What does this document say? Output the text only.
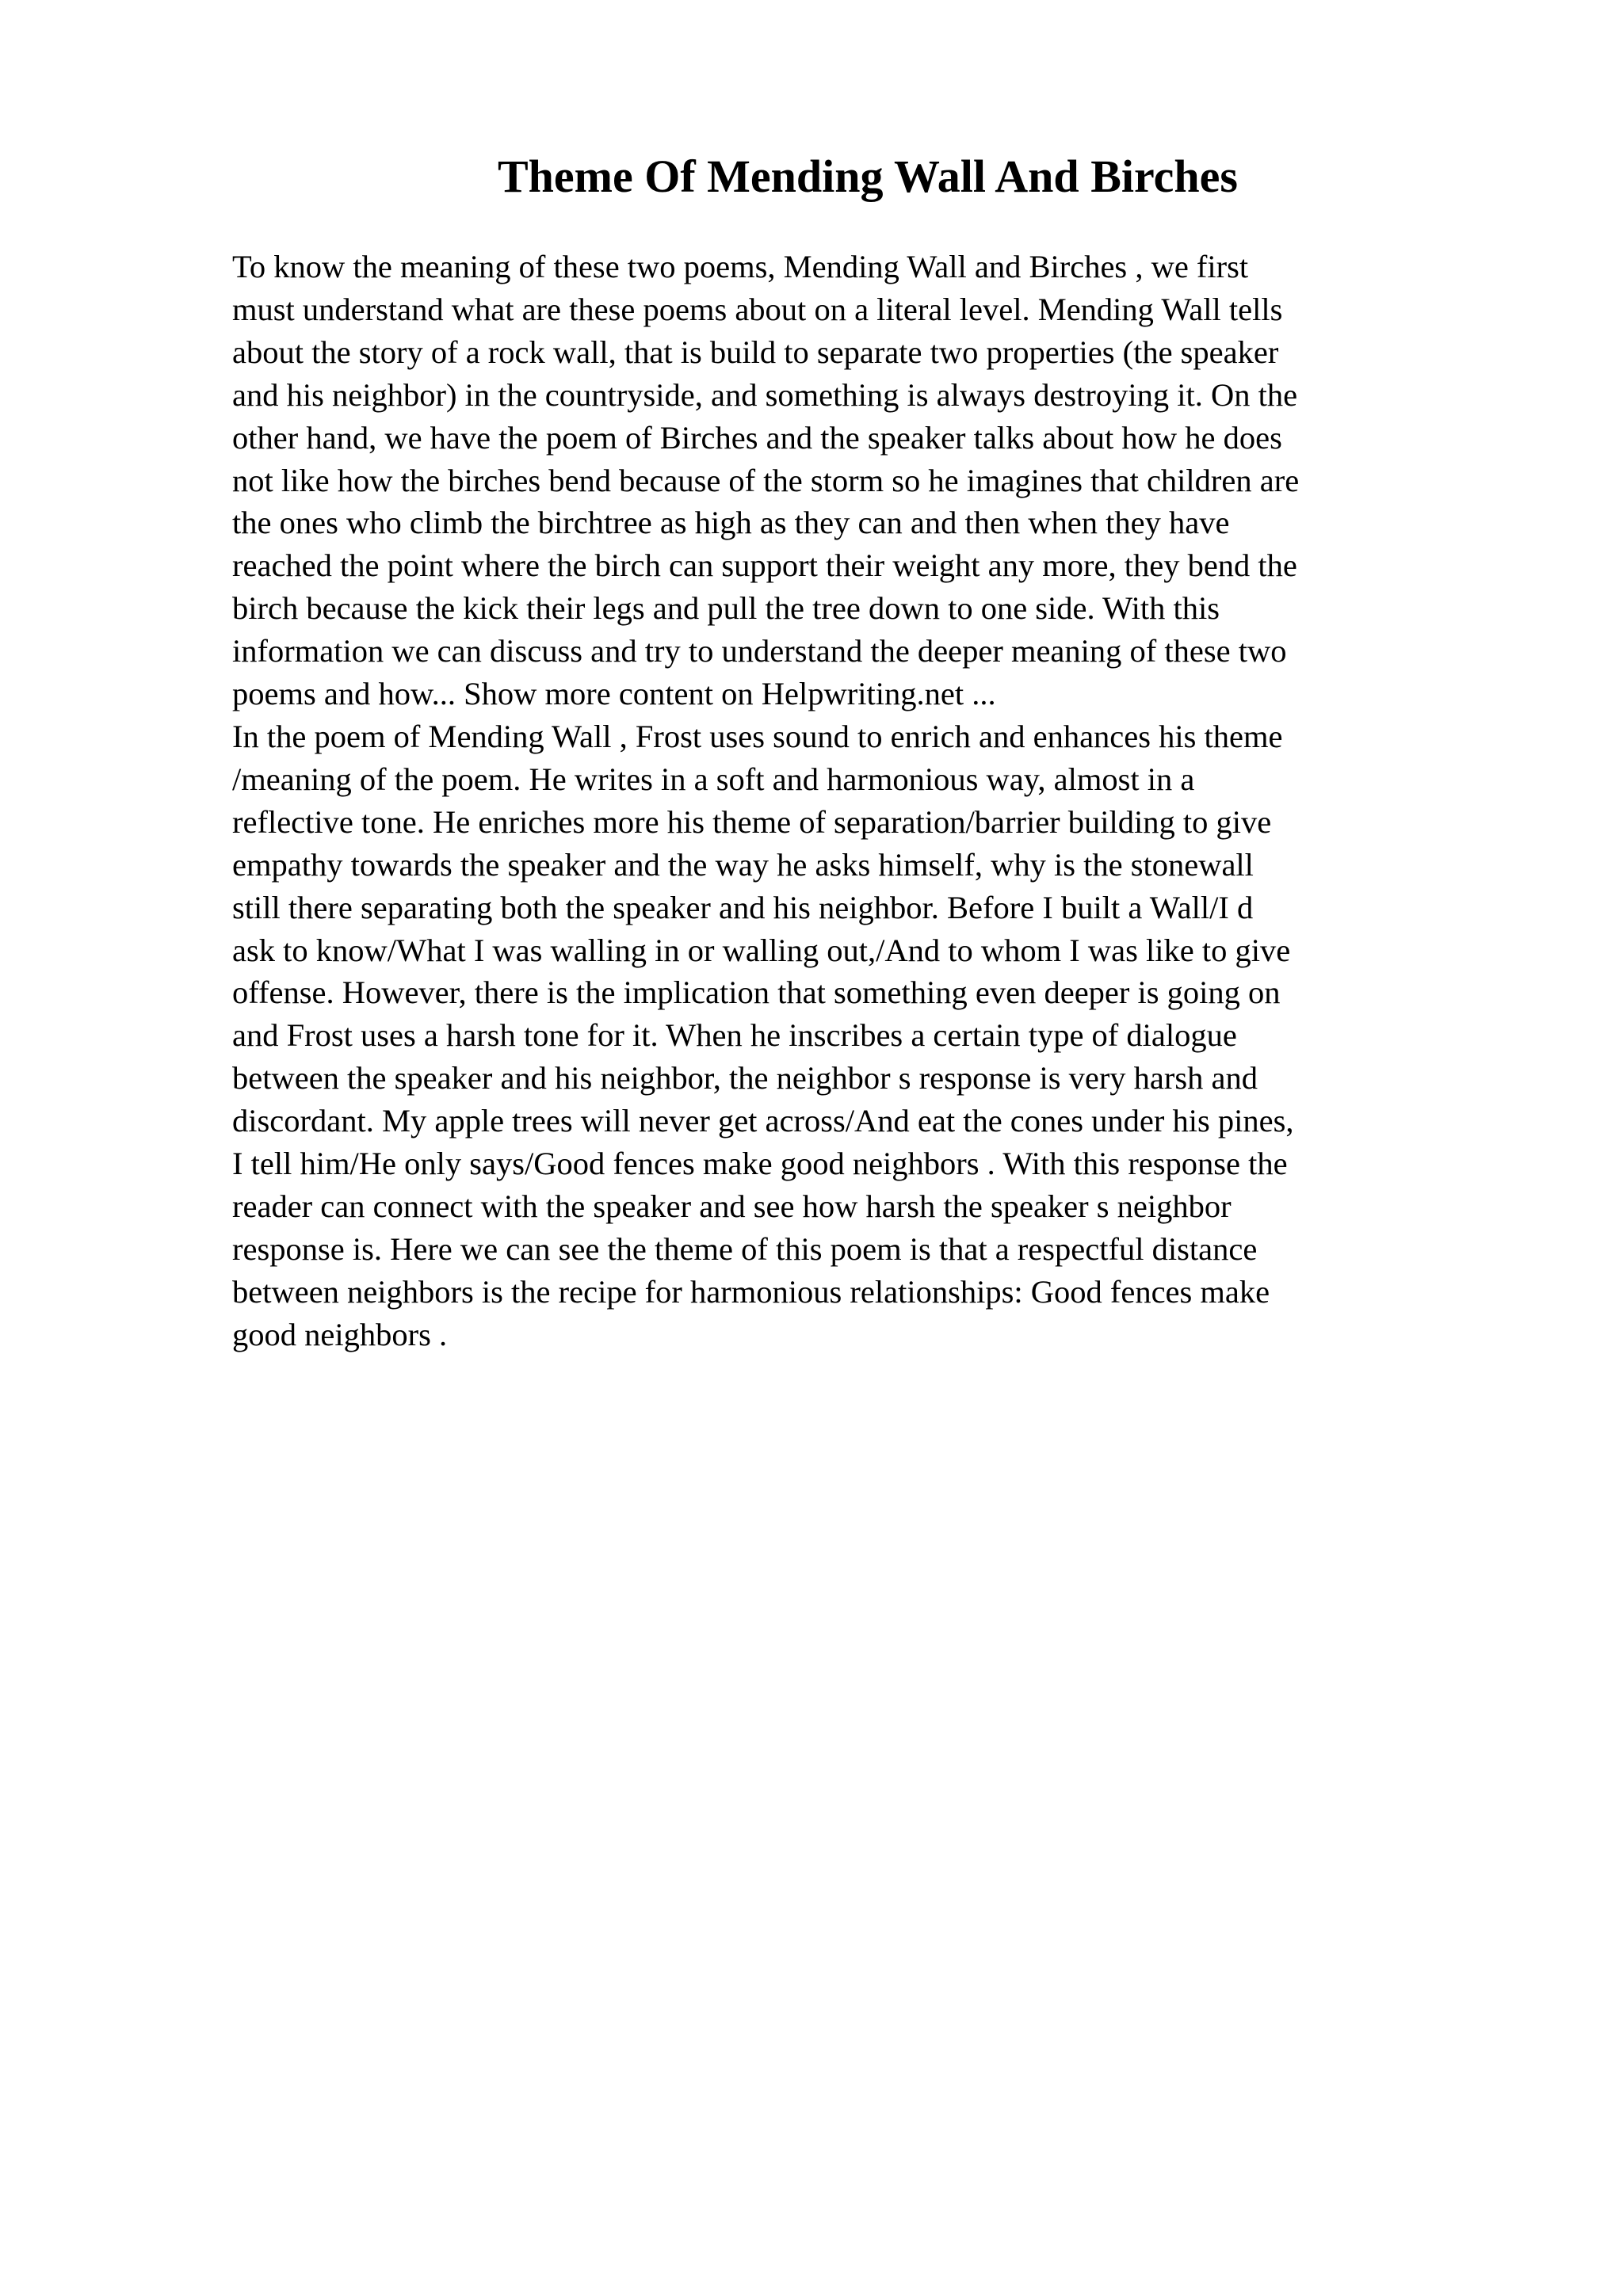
Theme Of Mending Wall And Birches
To know the meaning of these two poems, Mending Wall and Birches , we first
must understand what are these poems about on a literal level. Mending Wall tells
about the story of a rock wall, that is build to separate two properties (the speaker
and his neighbor) in the countryside, and something is always destroying it. On the
other hand, we have the poem of Birches and the speaker talks about how he does
not like how the birches bend because of the storm so he imagines that children are
the ones who climb the birchtree as high as they can and then when they have
reached the point where the birch can support their weight any more, they bend the
birch because the kick their legs and pull the tree down to one side. With this
information we can discuss and try to understand the deeper meaning of these two
poems and how... Show more content on Helpwriting.net ...
In the poem of Mending Wall , Frost uses sound to enrich and enhances his theme
/meaning of the poem. He writes in a soft and harmonious way, almost in a
reflective tone. He enriches more his theme of separation/barrier building to give
empathy towards the speaker and the way he asks himself, why is the stonewall
still there separating both the speaker and his neighbor. Before I built a Wall/I d
ask to know/What I was walling in or walling out,/And to whom I was like to give
offense. However, there is the implication that something even deeper is going on
and Frost uses a harsh tone for it. When he inscribes a certain type of dialogue
between the speaker and his neighbor, the neighbor s response is very harsh and
discordant. My apple trees will never get across/And eat the cones under his pines,
I tell him/He only says/Good fences make good neighbors . With this response the
reader can connect with the speaker and see how harsh the speaker s neighbor
response is. Here we can see the theme of this poem is that a respectful distance
between neighbors is the recipe for harmonious relationships: Good fences make
good neighbors .
